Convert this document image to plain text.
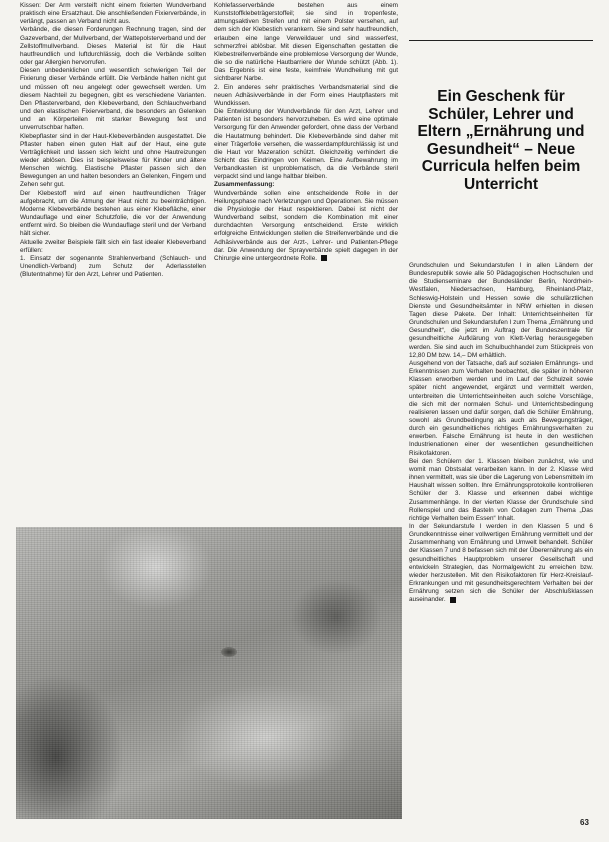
Kissen: Der Arm versteift nicht einem fixierten Wundverband praktisch eine Ersatzhaut. Die anschließenden Fixierverbände, in verlängt, passen an Verband nicht aus.

Verbände, die diesen Forderungen Rechnung tragen, sind der Gazeverband, der Mullverband, der Wattepolsterverband und der Zellstoffmullverband. Dieses Material ist für die Haut hautfreundlich und luftdurchlässig, doch die Verbände sollten oder gar Allergien hervorrufen.

Diesen unbedenklichen und wesentlich schwierigen Teil der Fixierung dieser Verbände erfüllt. Die Verbände halten nicht gut und müssen oft neu angelegt oder gewechselt werden. Um diesem Nachteil zu begegnen, gibt es verschiedene Varianten. Den Pflasterverband, den Klebeverband, den Schlauchverband und den elastischen Fixierverband, die besonders an Gelenken und an Körperteilen mit starker Bewegung fest und unverrutschbar haften.

Klebepflaster sind in der Haut-Klebeverbänden ausgestattet. Die Pflaster haben einen guten Halt auf der Haut, eine gute Verträglichkeit und lassen sich leicht und ohne Hautreizungen wieder ablösen. Dies ist beispielsweise für Kinder und ältere Menschen wichtig. Elastische Pflaster passen sich den Bewegungen an und halten besonders an Gelenken, Fingern und Zehen sehr gut.

Der Klebestoff wird auf einen hautfreundlichen Träger aufgebracht, um die Atmung der Haut nicht zu beeinträchtigen. Moderne Klebeverbände bestehen aus einer Klebefläche, einer Wundauflage und einer Schutzfolie, die vor der Anwendung entfernt wird. So bleiben die Wundauflage steril und der Verband hält sicher.

Aktuelle zweiter Beispiele fällt sich ein fast idealer Klebeverband erfüllen:

1. Einsatz der sogenannte Strahlenverband (Schlauch- und Unendlich-Verband) zum Schutz der Aderlasstellen (Blutentnahme) für den Arzt, Lehrer und Patienten.

Kohlefasserverbände bestehen aus einem Kunststoffklebeträgerstoffeil; sie sind in tropenfeste, atmungsaktiven Streifen und mit einem Polster versehen, auf dem sich der Klebestich verankern. Sie sind sehr hautfreundlich, erlauben eine lange Verweildauer und sind wasserfest, schmerzfrei ablösbar. Mit diesen Eigenschaften gestatten die Klebestreifenverbände eine problemlose Versorgung der Wunde, die so die natürliche Hautbarriere der Wunde schützt (Abb. 1). Das Ergebnis ist eine feste, keimfreie Wundheilung mit gut sichtbarer Narbe.

2. Ein anderes sehr praktisches Verbandsmaterial sind die neuen Adhäsivverbände in der Form eines Hautpflasters mit Wundkissen.

Die Entwicklung der Wundverbände für den Arzt, Lehrer und Patienten ist besonders hervorzuheben. Es wird eine optimale Versorgung für den Anwender gefordert, ohne dass der Verband die Hautatmung behindert. Die Klebeverbände sind daher mit einer Trägerfolie versehen, die wasserdampfdurchlässig ist und die Haut vor Mazeration schützt. Gleichzeitig verhindert die Schicht das Eindringen von Keimen. Eine Aufbewahrung im Verbandkasten ist unproblematisch, da die Verbände steril verpackt sind und lange haltbar bleiben.

Zusammenfassung:

Wundverbände sollen eine entscheidende Rolle in der Heilungsphase nach Verletzungen und Operationen. Sie müssen die Physiologie der Haut respektieren. Dabei ist nicht der Wundverband selbst, sondern die Kombination mit einer durchdachten Versorgung entscheidend. Erste wirklich erfolgreiche Entwicklungen stellen die Streifenverbände und die Adhäsivverbände aus der Arzt-, Lehrer- und Patienten-Pflege dar. Die Anwendung der Sprayverbände spielt dagegen in der Chirurgie eine untergeordnete Rolle.

Ein Geschenk für Schüler, Lehrer und Eltern „Ernährung und Gesundheit“ – Neue Curricula helfen beim Unterricht

Grundschulen und Sekundarstufen I in allen Ländern der Bundesrepublik sowie alle 50 Pädagogischen Hochschulen und die Studienseminare der Bundesländer Berlin, Nordrhein-Westfalen, Niedersachsen, Hamburg, Rheinland-Pfalz, Schleswig-Holstein und Hessen sowie die schulärztlichen Dienste und Gesundheitsämter in NRW erhielten in diesen Tagen diese Pakete. Der Inhalt: Unterrichtseinheiten für Grundschulen und Sekundarstufen I zum Thema „Ernährung und Gesundheit“, die jetzt im Auftrag der Bundeszentrale für gesundheitliche Aufklärung von Klett-Verlag herausgegeben werden. Sie sind auch im Schulbuchhandel zum Stückpreis von 12,80 DM bzw. 14,– DM erhältlich.

Ausgehend von der Tatsache, daß auf sozialen Ernährungs- und Erkenntnissen zum Verhalten beobachtet, die später in höheren Klassen erworben werden und im Lauf der Schulzeit sowie später nicht angewendet, ergänzt und vermittelt werden, unterbreiten die Unterrichtseinheiten auch solche Vorschläge, die sich mit der normalen Schul- und Unterrichtsbedingung realisieren lassen und dafür sorgen, daß die Schüler Ernährung, sowohl als Grundbedingung als auch als Bewegungsträger, durch ein gesundheitliches richtiges Ernährungsverhalten zu erwerben. Falsche Ernährung ist heute in den westlichen Industrienationen einer der wesentlichen gesundheitlichen Risikofaktoren.

Bei den Schülern der 1. Klassen bleiben zunächst, wie und womit man Obstsalat verarbeiten kann. In der 2. Klasse wird ihnen vermittelt, was sie über die Lagerung von Lebensmitteln im Haushalt wissen sollten. Ihre Ernährungsprotokolle kontrollieren Schüler der 3. Klasse und erkennen dabei wichtige Zusammenhänge. In der vierten Klasse der Grundschule sind Rollenspiel und das Basteln von Collagen zum Thema „Das richtige Verhalten beim Essen“ Inhalt.

In der Sekundarstufe I werden in den Klassen 5 und 6 Grundkenntnisse einer vollwertigen Ernährung vermittelt und der Zusammenhang von Ernährung und Umwelt behandelt. Schüler der Klassen 7 und 8 befassen sich mit der Überernährung als ein gesundheitliches Hauptproblem unserer Gesellschaft und entwickeln Strategien, das Normalgewicht zu erreichen bzw. wieder herzustellen. Mit den Risikofaktoren für Herz-Kreislauf-Erkrankungen und mit gesundheitsgerechtem Verhalten bei der Ernährung setzen sich die Schüler der Abschlußklassen auseinander.

63
